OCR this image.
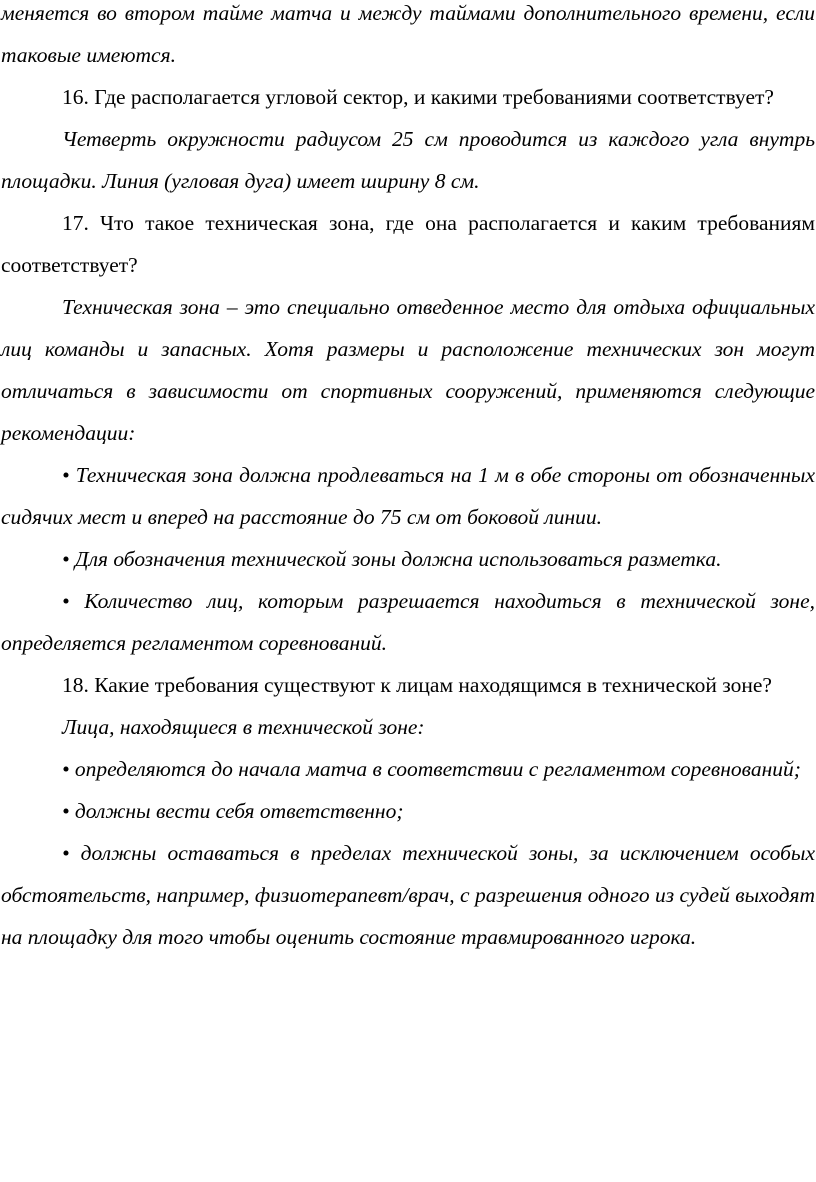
меняется во втором тайме матча и между таймами дополнительного времени, если таковые имеются.

16. Где располагается угловой сектор, и какими требованиями соответствует?

Четверть окружности радиусом 25 см проводится из каждого угла внутрь площадки. Линия (угловая дуга) имеет ширину 8 см.

17. Что такое техническая зона, где она располагается и каким требованиям соответствует?

Техническая зона – это специально отведенное место для отдыха официальных лиц команды и запасных. Хотя размеры и расположение технических зон могут отличаться в зависимости от спортивных сооружений, применяются следующие рекомендации:

• Техническая зона должна продлеваться на 1 м в обе стороны от обозначенных сидячих мест и вперед на расстояние до 75 см от боковой линии.

• Для обозначения технической зоны должна использоваться разметка.

• Количество лиц, которым разрешается находиться в технической зоне, определяется регламентом соревнований.

18. Какие требования существуют к лицам находящимся в технической зоне?

Лица, находящиеся в технической зоне:

• определяются до начала матча в соответствии с регламентом соревнований;

• должны вести себя ответственно;

• должны оставаться в пределах технической зоны, за исключением особых обстоятельств, например, физиотерапевт/врач, с разрешения одного из судей выходят на площадку для того чтобы оценить состояние травмированного игрока.
